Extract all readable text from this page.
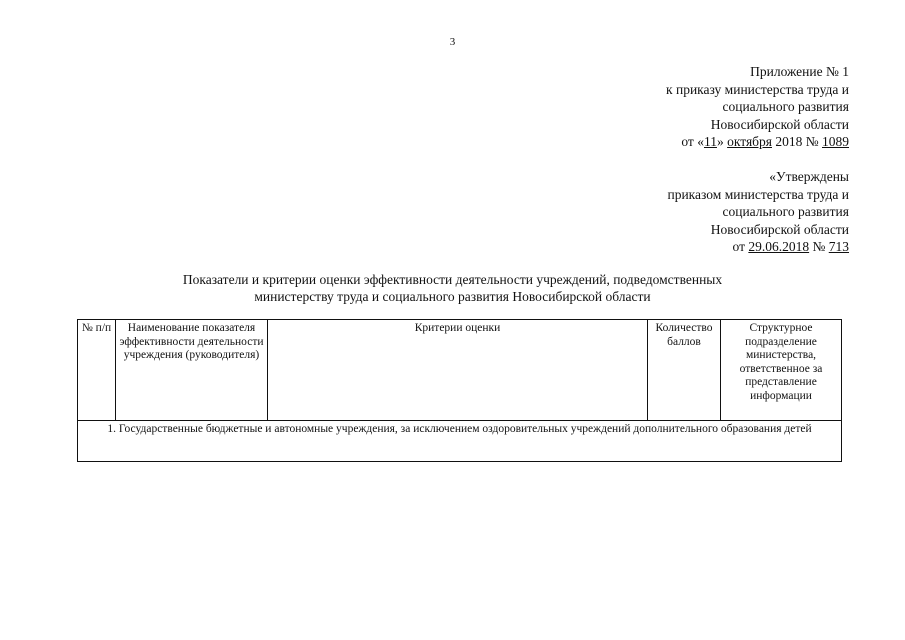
3
Приложение № 1
к приказу министерства труда и
социального развития
Новосибирской области
от «11» октября 2018 № 1089
«Утверждены
приказом министерства труда и
социального развития
Новосибирской области
от 29.06.2018 № 713
Показатели и критерии оценки эффективности деятельности учреждений, подведомственных
министерству труда и социального развития Новосибирской области
№ п/п	Наименование показателя эффективности деятельности учреждения (руководителя)	Критерии оценки	Количество баллов	Структурное подразделение министерства, ответственное за представление информации
1. Государственные бюджетные и автономные учреждения, за исключением оздоровительных учреждений дополнительного образования детей
